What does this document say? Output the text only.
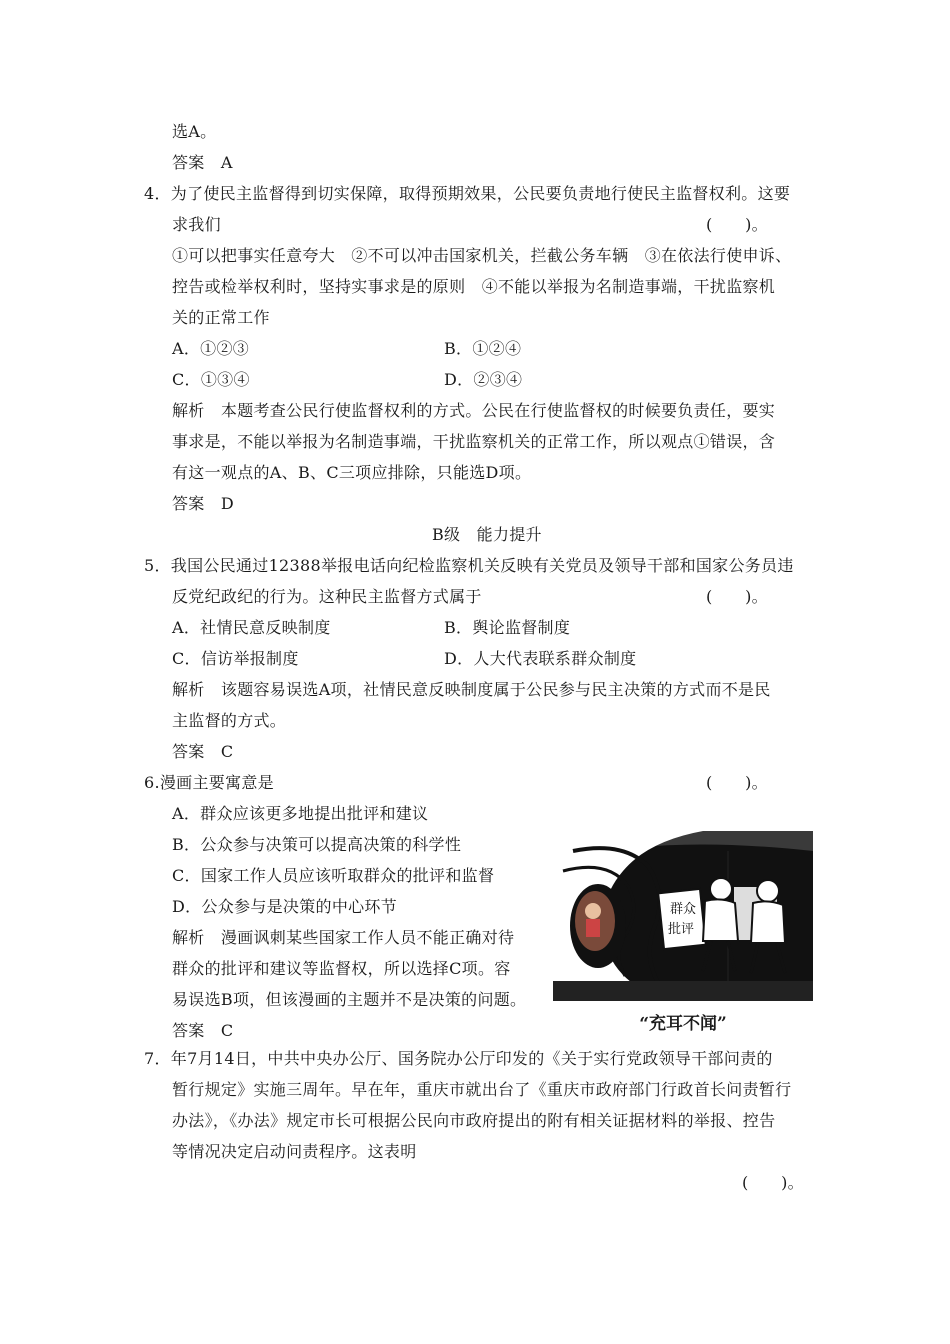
选A。
答案　A
4．为了使民主监督得到切实保障，取得预期效果，公民要负责地行使民主监督权利。这要
求我们	(　　)。
①可以把事实任意夸大　②不可以冲击国家机关，拦截公务车辆　③在依法行使申诉、
控告或检举权利时，坚持实事求是的原则　④不能以举报为名制造事端，干扰监察机
关的正常工作
A．①②③	B．①②④
C．①③④	D．②③④
解析　本题考查公民行使监督权利的方式。公民在行使监督权的时候要负责任，要实
事求是，不能以举报为名制造事端，干扰监察机关的正常工作，所以观点①错误，含
有这一观点的A、B、C三项应排除，只能选D项。
答案　D
B级　能力提升
5．我国公民通过12388举报电话向纪检监察机关反映有关党员及领导干部和国家公务员违
反党纪政纪的行为。这种民主监督方式属于	(　　)。
A．社情民意反映制度	B．舆论监督制度
C．信访举报制度	D．人大代表联系群众制度
解析　该题容易误选A项，社情民意反映制度属于公民参与民主决策的方式而不是民
主监督的方式。
答案　C
6.漫画主要寓意是	(　　)。
A．群众应该更多地提出批评和建议
B．公众参与决策可以提高决策的科学性
C．国家工作人员应该听取群众的批评和监督
D．公众参与是决策的中心环节
解析　漫画讽刺某些国家工作人员不能正确对待
群众的批评和建议等监督权，所以选择C项。容
易误选B项，但该漫画的主题并不是决策的问题。
答案　C
群众
批评
“充耳不闻”
7．年7月14日，中共中央办公厅、国务院办公厅印发的《关于实行党政领导干部问责的
暂行规定》实施三周年。早在年，重庆市就出台了《重庆市政府部门行政首长问责暂行
办法》，《办法》规定市长可根据公民向市政府提出的附有相关证据材料的举报、控告
等情况决定启动问责程序。这表明
(　　)。
